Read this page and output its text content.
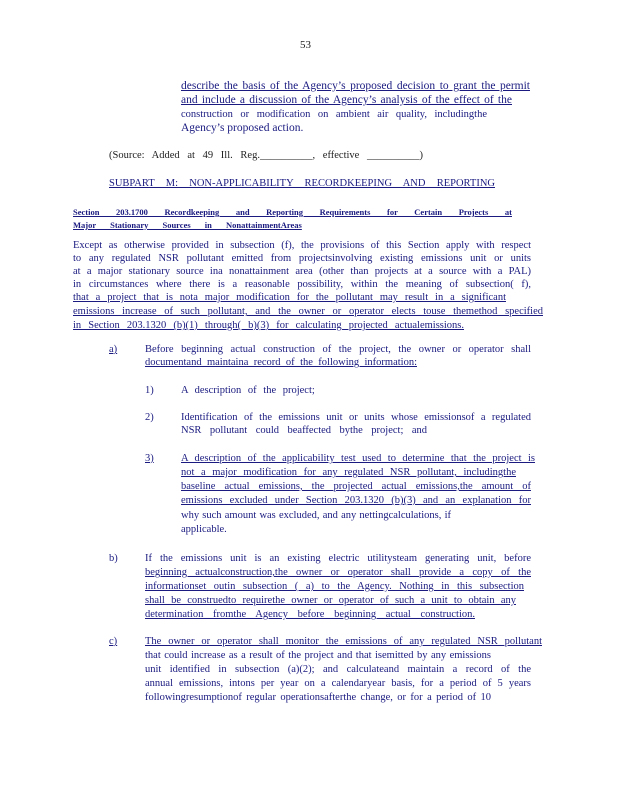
53
describe the basis of the Agency’s proposed decision to grant the permit
and include a discussion of the Agency’s analysis of the effect of the
construction or modification on ambient air quality, includingthe
Agency’s proposed action.
(Source: Added at 49 Ill. Reg.__________, effective __________)
SUBPART M: NON-APPLICABILITY RECORDKEEPING AND REPORTING
Section 203.1700 Recordkeeping and Reporting Requirements for Certain Projects at
Major Stationary Sources in NonattainmentAreas
Except as otherwise provided in subsection (f), the provisions of this Section apply with respect
to any regulated NSR pollutant emitted from projectsinvolving existing emissions unit or units
at a major stationary source ina nonattainment area (other than projects at a source with a PAL)
in circumstances where there is a reasonable possibility, within the meaning of subsection( f),
that a project that is nota major modification for the pollutant may result in a significant
emissions increase of such pollutant, and the owner or operator elects touse themethod specified
in Section 203.1320 (b)(1) through( b)(3) for calculating projected actualemissions.
a)	Before beginning actual construction of the project, the owner or operator shall
documentand maintaina record of the following information:
1)	A description of the project;
2)	Identification of the emissions unit or units whose emissionsof a regulated
NSR pollutant could beaffected bythe project; and
3)	A description of the applicability test used to determine that the project is
not a major modification for any regulated NSR pollutant, includingthe
baseline actual emissions, the projected actual emissions,the amount of
emissions excluded under Section 203.1320 (b)(3) and an explanation for
why such amount was excluded, and any nettingcalculations, if
applicable.
b)	If the emissions unit is an existing electric utilitysteam generating unit, before
beginning actualconstruction,the owner or operator shall provide a copy of the
informationset outin subsection ( a) to the Agency. Nothing in this subsection
shall be construedto requirethe owner or operator of such a unit to obtain any
determination fromthe Agency before beginning actual construction.
c)	The owner or operator shall monitor the emissions of any regulated NSR pollutant
that could increase as a result of the project and that isemitted by any emissions
unit identified in subsection (a)(2); and calculateand maintain a record of the
annual emissions, intons per year on a calendaryear basis, for a period of 5 years
followingresumptionof regular operationsafterthe change, or for a period of 10
